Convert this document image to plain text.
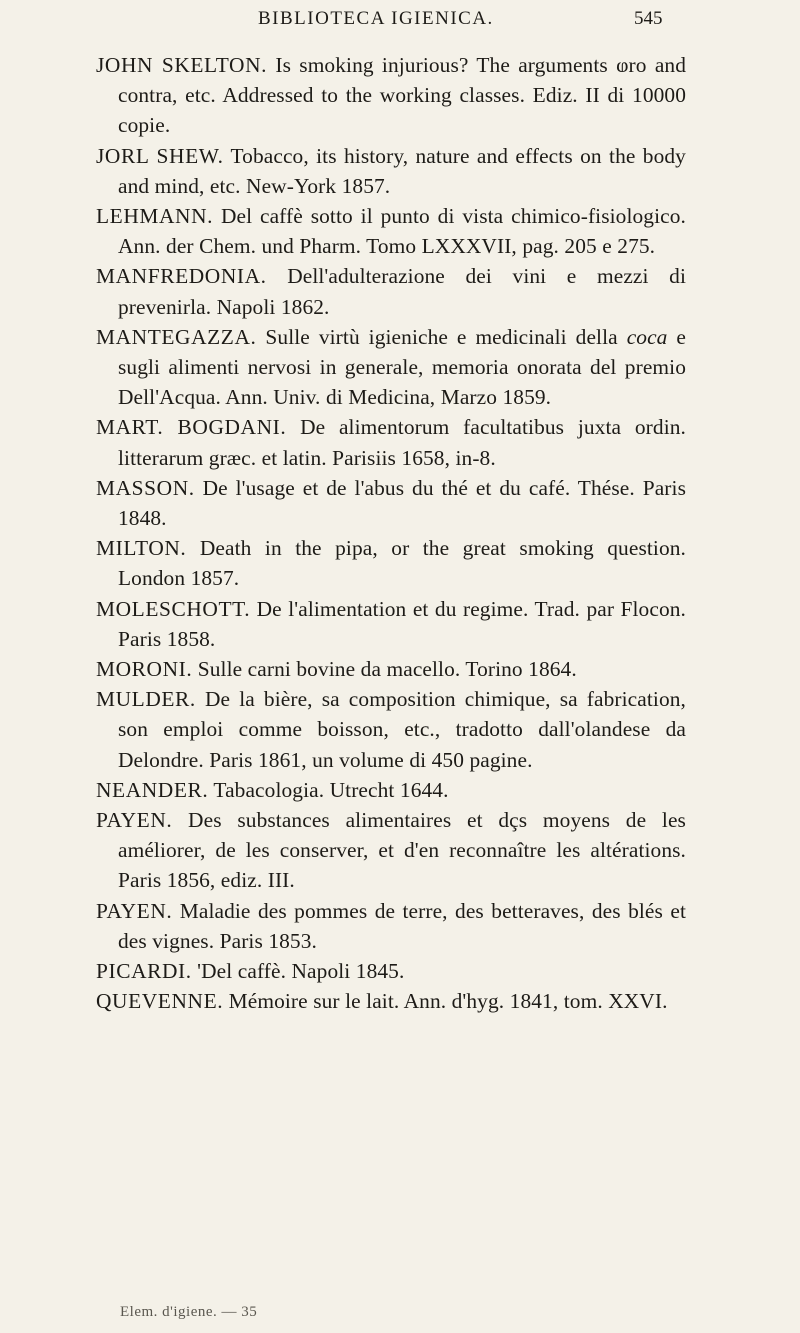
BIBLIOTECA IGIENICA.	545

JOHN SKELTON. Is smoking injurious? The arguments ⱷro and contra, etc. Addressed to the working classes. Ediz. II di 10000 copie.

JORL SHEW. Tobacco, its history, nature and effects on the body and mind, etc. New-York 1857.

LEHMANN. Del caffè sotto il punto di vista chimico-fisiologico. Ann. der Chem. und Pharm. Tomo LXXXVII, pag. 205 e 275.

MANFREDONIA. Dell'adulterazione dei vini e mezzi di prevenirla. Napoli 1862.

MANTEGAZZA. Sulle virtù igieniche e medicinali della coca e sugli alimenti nervosi in generale, memoria onorata del premio Dell'Acqua. Ann. Univ. di Medicina, Marzo 1859.

MART. BOGDANI. De alimentorum facultatibus juxta ordin. litterarum græc. et latin. Parisiis 1658, in-8.

MASSON. De l'usage et de l'abus du thé et du café. Thése. Paris 1848.

MILTON. Death in the pipa, or the great smoking question. London 1857.

MOLESCHOTT. De l'alimentation et du regime. Trad. par Flocon. Paris 1858.

MORONI. Sulle carni bovine da macello. Torino 1864.

MULDER. De la bière, sa composition chimique, sa fabrication, son emploi comme boisson, etc., tradotto dall'olandese da Delondre. Paris 1861, un volume di 450 pagine.

NEANDER. Tabacologia. Utrecht 1644.

PAYEN. Des substances alimentaires et dçs moyens de les améliorer, de les conserver, et d'en reconnaître les altérations. Paris 1856, ediz. III.

PAYEN. Maladie des pommes de terre, des betteraves, des blés et des vignes. Paris 1853.

PICARDI. 'Del caffè. Napoli 1845.

QUEVENNE. Mémoire sur le lait. Ann. d'hyg. 1841, tom. XXVI.

Elem. d'igiene. — 35
